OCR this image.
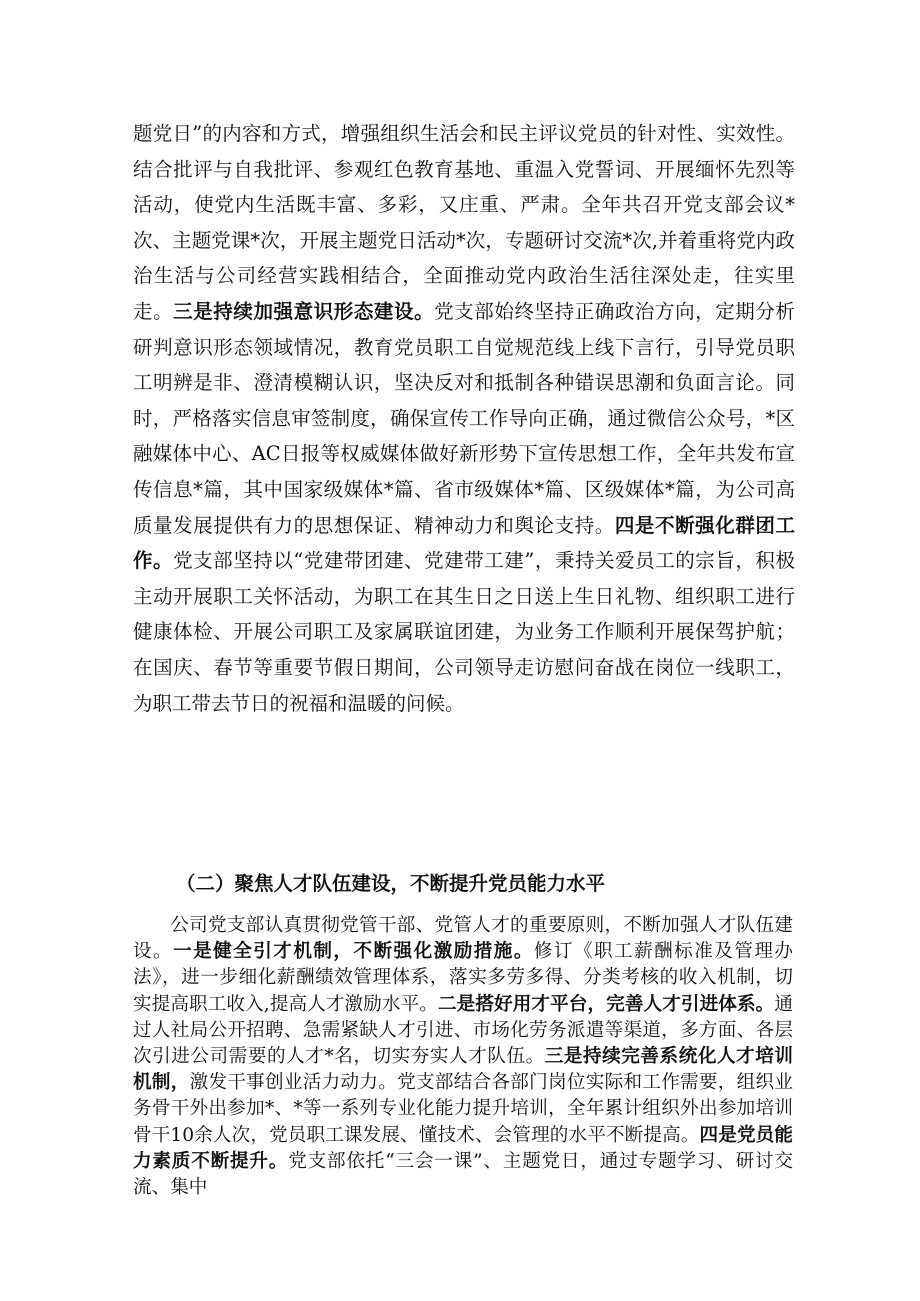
题党日”的内容和方式，增强组织生活会和民主评议党员的针对性、实效性。结合批评与自我批评、参观红色教育基地、重温入党誓词、开展缅怀先烈等活动，使党内生活既丰富、多彩，又庄重、严肃。全年共召开党支部会议*次、主题党课*次，开展主题党日活动*次，专题研讨交流*次,并着重将党内政治生活与公司经营实践相结合，全面推动党内政治生活往深处走，往实里走。三是持续加强意识形态建设。党支部始终坚持正确政治方向，定期分析研判意识形态领域情况，教育党员职工自觉规范线上线下言行，引导党员职工明辨是非、澄清模糊认识，坚决反对和抵制各种错误思潮和负面言论。同时，严格落实信息审签制度，确保宣传工作导向正确，通过微信公众号，*区融媒体中心、AC日报等权威媒体做好新形势下宣传思想工作，全年共发布宣传信息*篇，其中国家级媒体*篇、省市级媒体*篇、区级媒体*篇，为公司高质量发展提供有力的思想保证、精神动力和舆论支持。四是不断强化群团工作。党支部坚持以“党建带团建、党建带工建”，秉持关爱员工的宗旨，积极主动开展职工关怀活动，为职工在其生日之日送上生日礼物、组织职工进行健康体检、开展公司职工及家属联谊团建，为业务工作顺利开展保驾护航；在国庆、春节等重要节假日期间，公司领导走访慰问奋战在岗位一线职工，为职工带去节日的祝福和温暖的问候。

（二）聚焦人才队伍建设，不断提升党员能力水平

公司党支部认真贯彻党管干部、党管人才的重要原则，不断加强人才队伍建设。一是健全引才机制，不断强化激励措施。修订《职工薪酬标准及管理办法》，进一步细化薪酬绩效管理体系，落实多劳多得、分类考核的收入机制，切实提高职工收入,提高人才激励水平。二是搭好用才平台，完善人才引进体系。通过人社局公开招聘、急需紧缺人才引进、市场化劳务派遣等渠道，多方面、各层次引进公司需要的人才*名，切实夯实人才队伍。三是持续完善系统化人才培训机制，激发干事创业活力动力。党支部结合各部门岗位实际和工作需要，组织业务骨干外出参加*、*等一系列专业化能力提升培训，全年累计组织外出参加培训骨干10余人次，党员职工课发展、懂技术、会管理的水平不断提高。四是党员能力素质不断提升。党支部依托“三会一课”、主题党日，通过专题学习、研讨交流、集中
